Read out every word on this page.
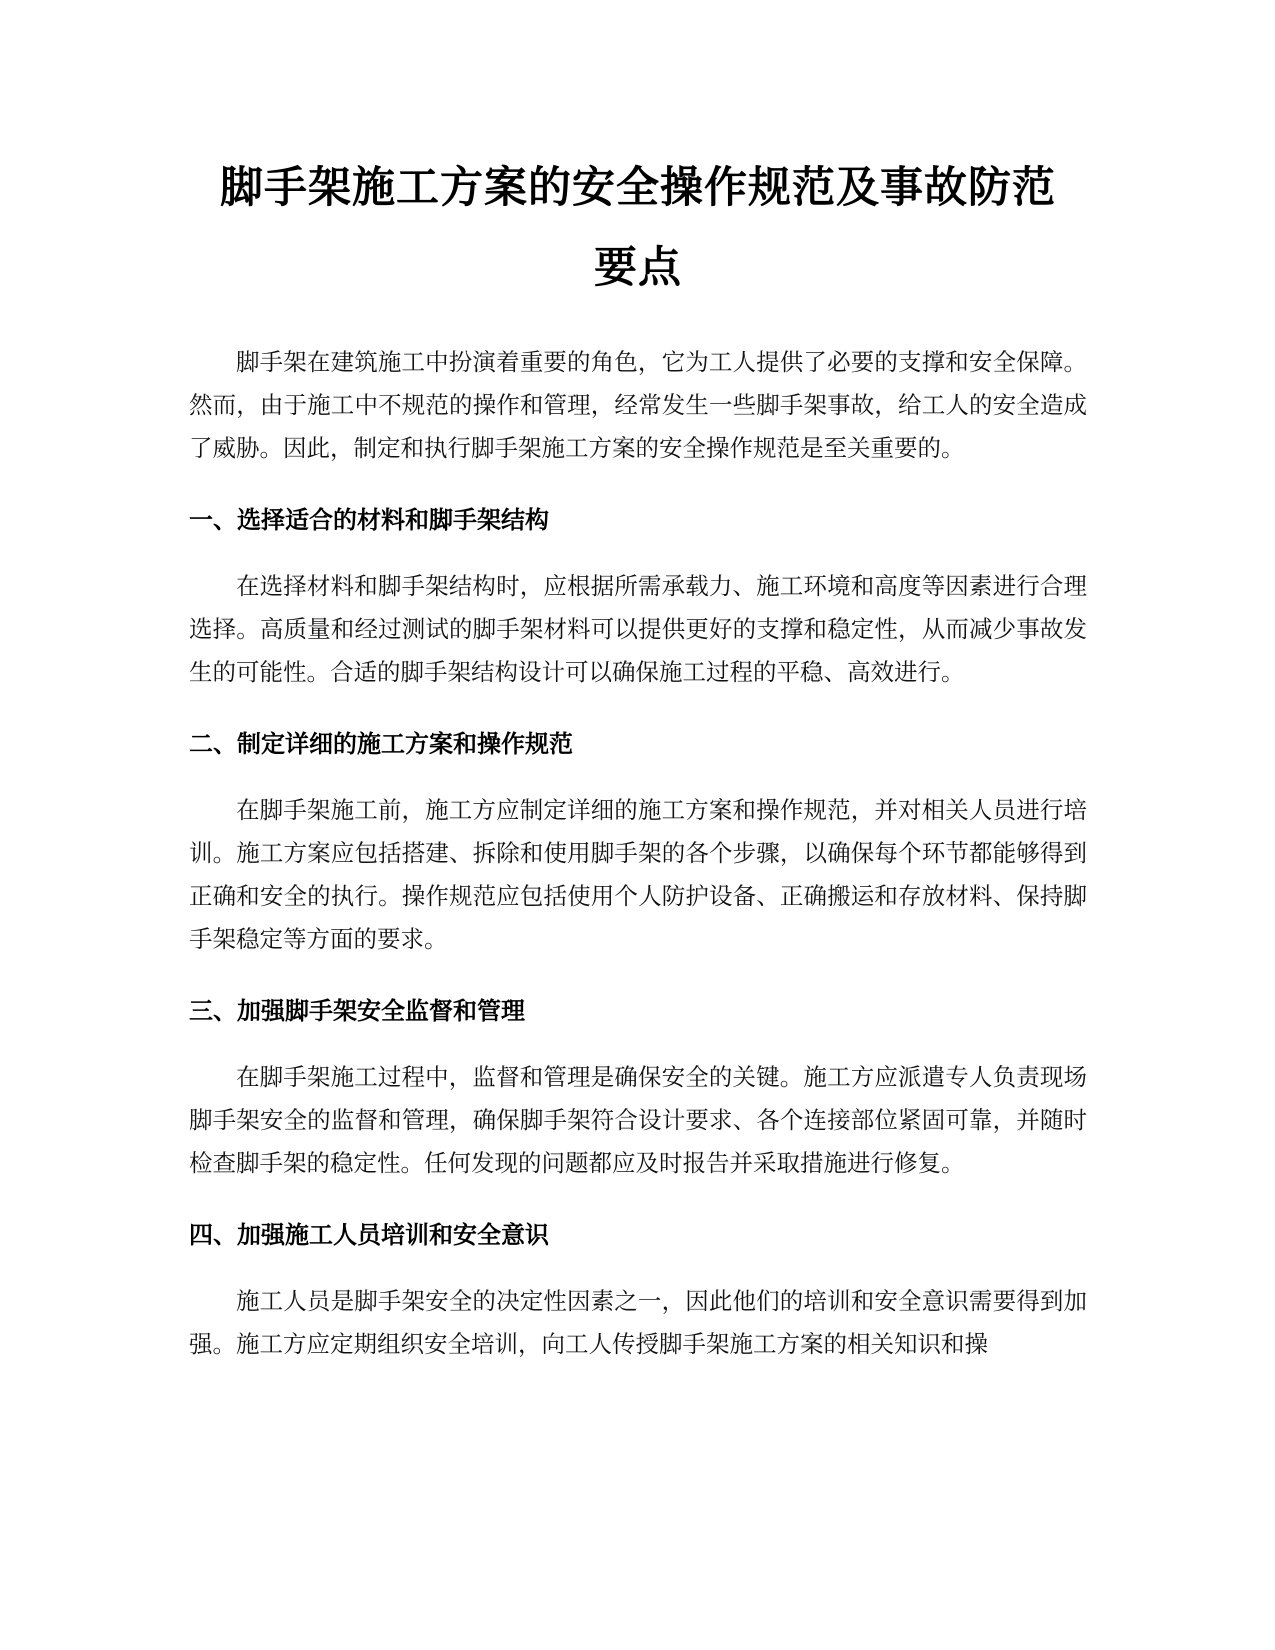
脚手架施工方案的安全操作规范及事故防范
要点

脚手架在建筑施工中扮演着重要的角色，它为工人提供了必要的支撑和安全保障。然而，由于施工中不规范的操作和管理，经常发生一些脚手架事故，给工人的安全造成了威胁。因此，制定和执行脚手架施工方案的安全操作规范是至关重要的。

一、选择适合的材料和脚手架结构

在选择材料和脚手架结构时，应根据所需承载力、施工环境和高度等因素进行合理选择。高质量和经过测试的脚手架材料可以提供更好的支撑和稳定性，从而减少事故发生的可能性。合适的脚手架结构设计可以确保施工过程的平稳、高效进行。

二、制定详细的施工方案和操作规范

在脚手架施工前，施工方应制定详细的施工方案和操作规范，并对相关人员进行培训。施工方案应包括搭建、拆除和使用脚手架的各个步骤，以确保每个环节都能够得到正确和安全的执行。操作规范应包括使用个人防护设备、正确搬运和存放材料、保持脚手架稳定等方面的要求。

三、加强脚手架安全监督和管理

在脚手架施工过程中，监督和管理是确保安全的关键。施工方应派遣专人负责现场脚手架安全的监督和管理，确保脚手架符合设计要求、各个连接部位紧固可靠，并随时检查脚手架的稳定性。任何发现的问题都应及时报告并采取措施进行修复。

四、加强施工人员培训和安全意识

施工人员是脚手架安全的决定性因素之一，因此他们的培训和安全意识需要得到加强。施工方应定期组织安全培训，向工人传授脚手架施工方案的相关知识和操
